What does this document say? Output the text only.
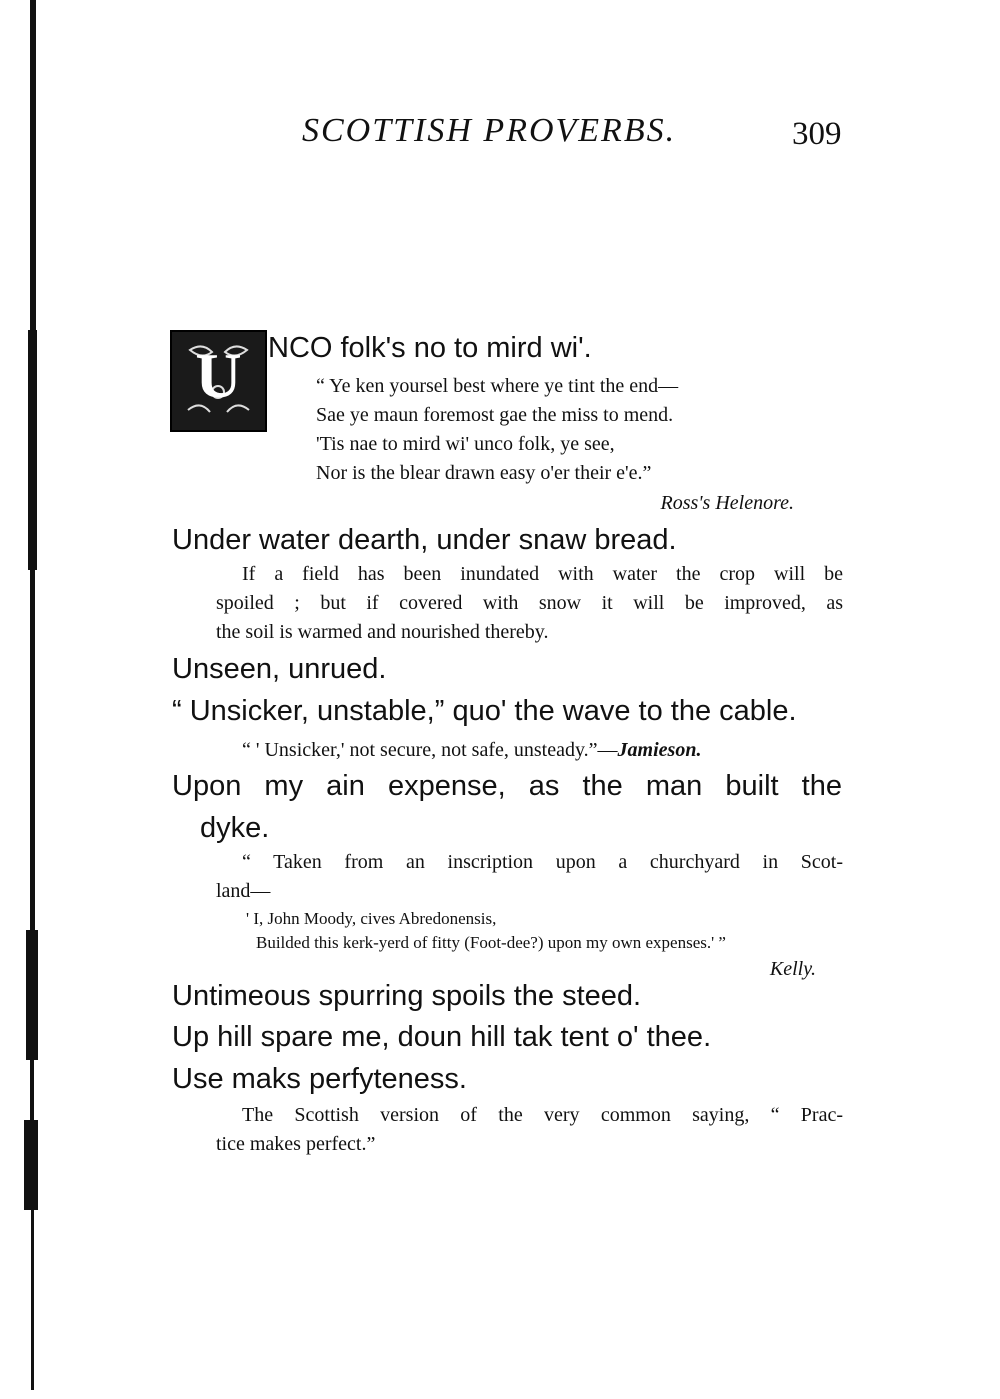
SCOTTISH PROVERBS.	309
U NCO folk's no to mird wi'.
“ Ye ken yoursel best where ye tint the end—
Sae ye maun foremost gae the miss to mend.
'Tis nae to mird wi' unco folk, ye see,
Nor is the blear drawn easy o'er their e'e.”
Ross's Helenore.
Under water dearth, under snaw bread.
If a field has been inundated with water the crop will be
spoiled ; but if covered with snow it will be improved, as
the soil is warmed and nourished thereby.
Unseen, unrued.
“ Unsicker, unstable,” quo' the wave to the cable.
“ ' Unsicker,' not secure, not safe, unsteady.”—Jamieson.
Upon my ain expense, as the man built the
dyke.
“ Taken from an inscription upon a churchyard in Scot-
land—
' I, John Moody, cives Abredonensis,
Builded this kerk-yerd of fitty (Foot-dee?) upon my own expenses.' ”
Kelly.
Untimeous spurring spoils the steed.
Up hill spare me, doun hill tak tent o' thee.
Use maks perfyteness.
The Scottish version of the very common saying, “ Prac-
tice makes perfect.”
